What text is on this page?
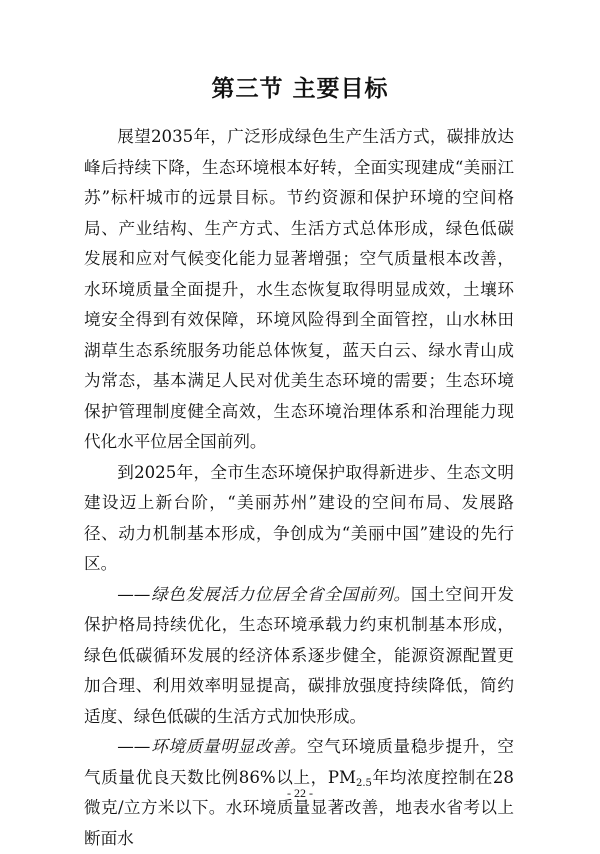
第三节 主要目标

展望2035年，广泛形成绿色生产生活方式，碳排放达峰后持续下降，生态环境根本好转，全面实现建成“美丽江苏”标杆城市的远景目标。节约资源和保护环境的空间格局、产业结构、生产方式、生活方式总体形成，绿色低碳发展和应对气候变化能力显著增强；空气质量根本改善，水环境质量全面提升，水生态恢复取得明显成效，土壤环境安全得到有效保障，环境风险得到全面管控，山水林田湖草生态系统服务功能总体恢复，蓝天白云、绿水青山成为常态，基本满足人民对优美生态环境的需要；生态环境保护管理制度健全高效，生态环境治理体系和治理能力现代化水平位居全国前列。

到2025年，全市生态环境保护取得新进步、生态文明建设迈上新台阶，“美丽苏州”建设的空间布局、发展路径、动力机制基本形成，争创成为“美丽中国”建设的先行区。

——绿色发展活力位居全省全国前列。国土空间开发保护格局持续优化，生态环境承载力约束机制基本形成，绿色低碳循环发展的经济体系逐步健全，能源资源配置更加合理、利用效率明显提高，碳排放强度持续降低，简约适度、绿色低碳的生活方式加快形成。

——环境质量明显改善。空气环境质量稳步提升，空气质量优良天数比例86%以上，$PM_{2.5}$年均浓度控制在28微克/立方米以下。水环境质量显著改善，地表水省考以上断面水

- 22 -
